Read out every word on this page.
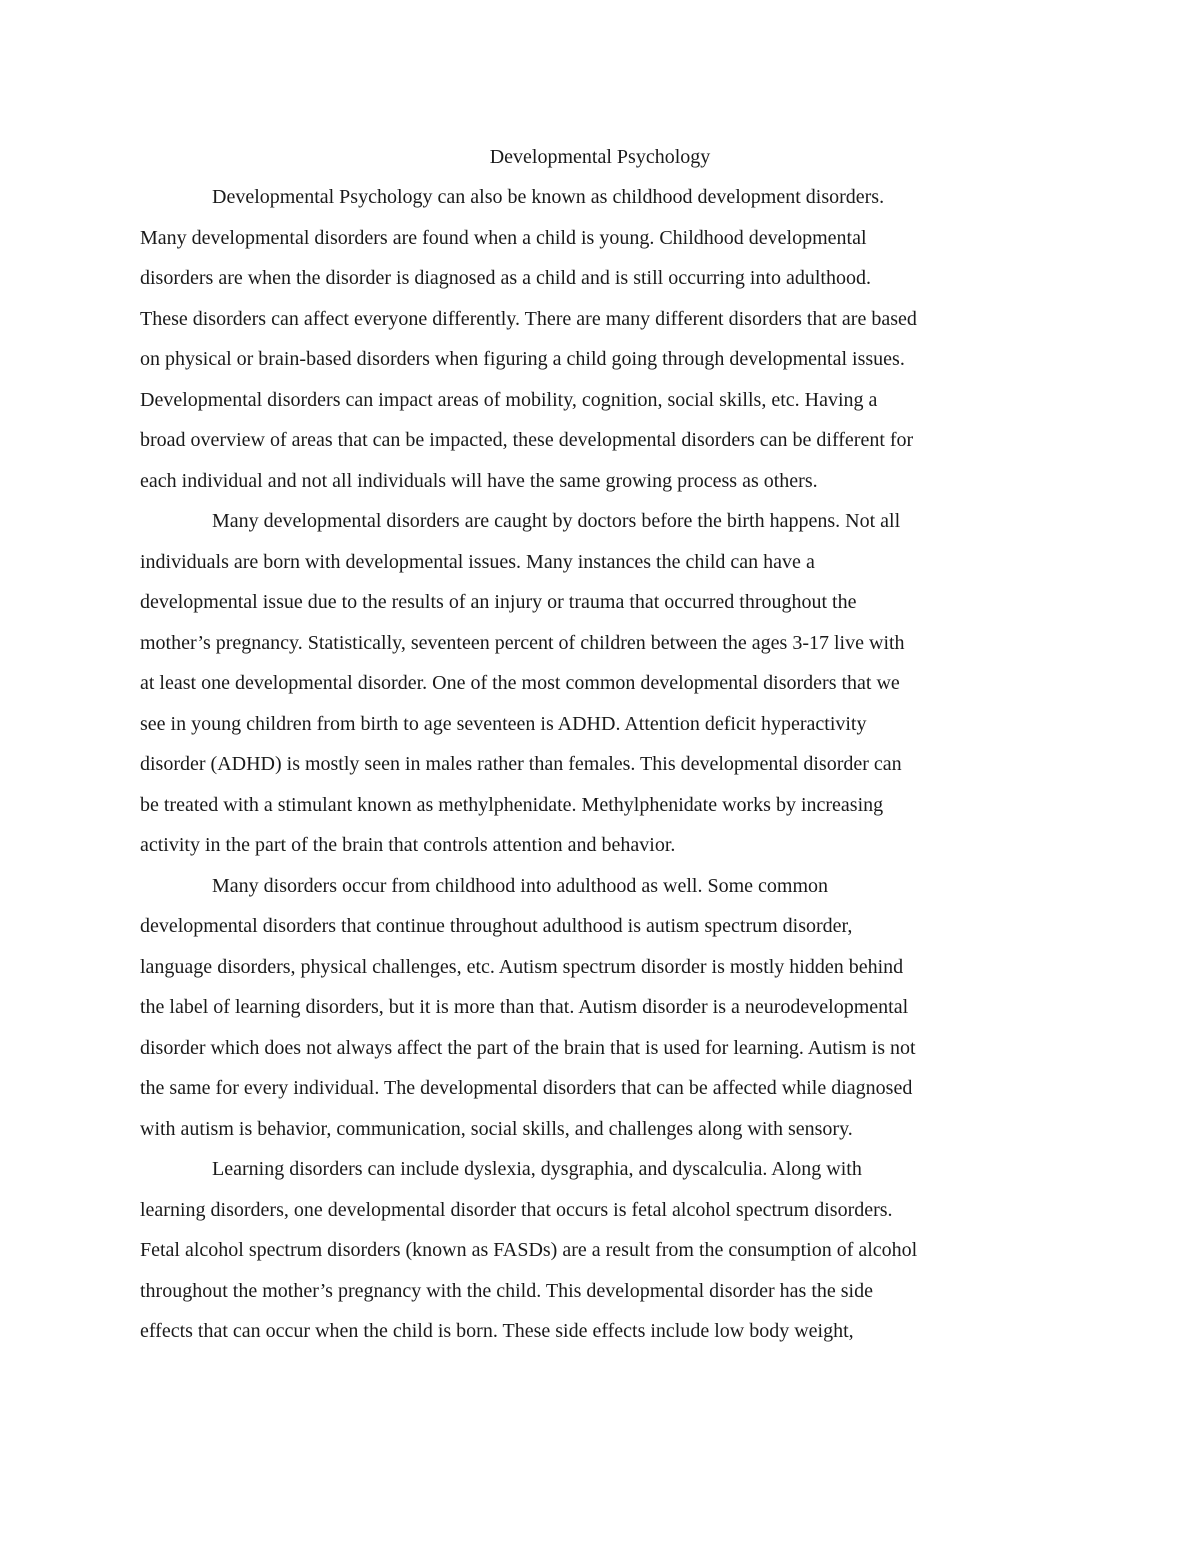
Developmental Psychology
Developmental Psychology can also be known as childhood development disorders.
Many developmental disorders are found when a child is young. Childhood developmental
disorders are when the disorder is diagnosed as a child and is still occurring into adulthood.
These disorders can affect everyone differently. There are many different disorders that are based
on physical or brain-based disorders when figuring a child going through developmental issues.
Developmental disorders can impact areas of mobility, cognition, social skills, etc. Having a
broad overview of areas that can be impacted, these developmental disorders can be different for
each individual and not all individuals will have the same growing process as others.
Many developmental disorders are caught by doctors before the birth happens. Not all
individuals are born with developmental issues. Many instances the child can have a
developmental issue due to the results of an injury or trauma that occurred throughout the
mother’s pregnancy. Statistically, seventeen percent of children between the ages 3-17 live with
at least one developmental disorder. One of the most common developmental disorders that we
see in young children from birth to age seventeen is ADHD. Attention deficit hyperactivity
disorder (ADHD) is mostly seen in males rather than females. This developmental disorder can
be treated with a stimulant known as methylphenidate. Methylphenidate works by increasing
activity in the part of the brain that controls attention and behavior.
Many disorders occur from childhood into adulthood as well. Some common
developmental disorders that continue throughout adulthood is autism spectrum disorder,
language disorders, physical challenges, etc. Autism spectrum disorder is mostly hidden behind
the label of learning disorders, but it is more than that. Autism disorder is a neurodevelopmental
disorder which does not always affect the part of the brain that is used for learning. Autism is not
the same for every individual. The developmental disorders that can be affected while diagnosed
with autism is behavior, communication, social skills, and challenges along with sensory.
Learning disorders can include dyslexia, dysgraphia, and dyscalculia. Along with
learning disorders, one developmental disorder that occurs is fetal alcohol spectrum disorders.
Fetal alcohol spectrum disorders (known as FASDs) are a result from the consumption of alcohol
throughout the mother’s pregnancy with the child. This developmental disorder has the side
effects that can occur when the child is born. These side effects include low body weight,
